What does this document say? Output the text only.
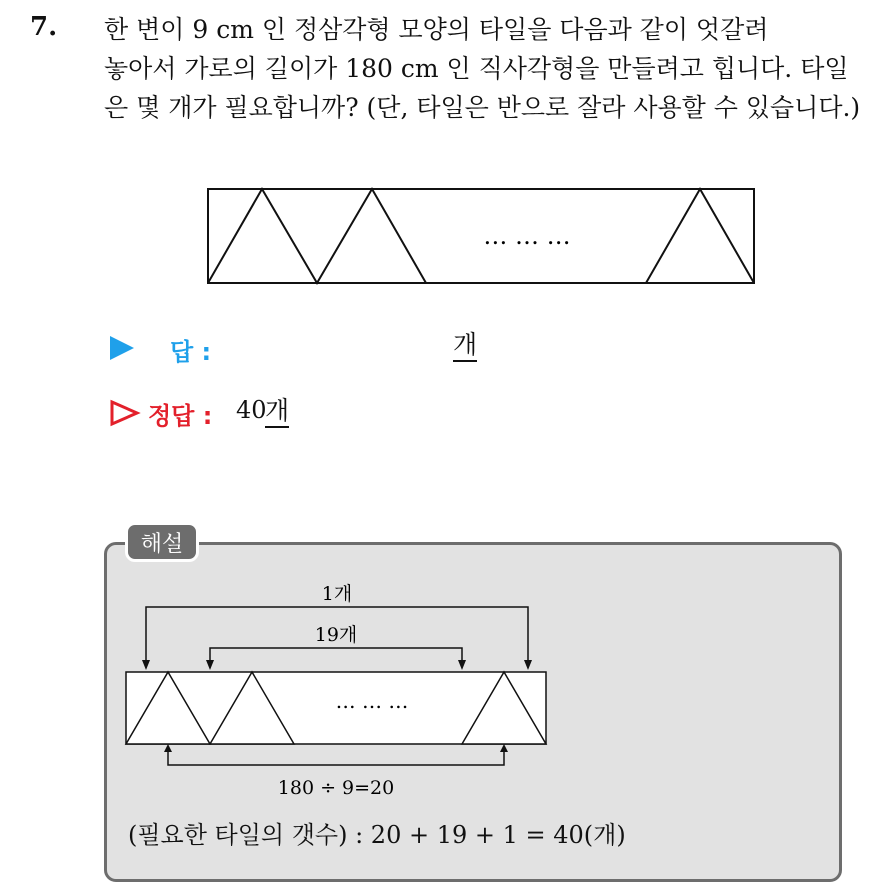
7. 한 변이 9 cm 인 정삼각형 모양의 타일을 다음과 같이 엇갈려
놓아서 가로의 길이가 180 cm 인 직사각형을 만들려고 힙니다. 타일
은 몇 개가 필요합니까? (단, 타일은 반으로 잘라 사용할 수 있습니다.)
… … …
답 :	개
정답 : 40
개
해설
… … …
1개
19개
180 ÷ 9=20
(필요한 타일의 갯수) : 20 + 19 + 1 = 40(개)
